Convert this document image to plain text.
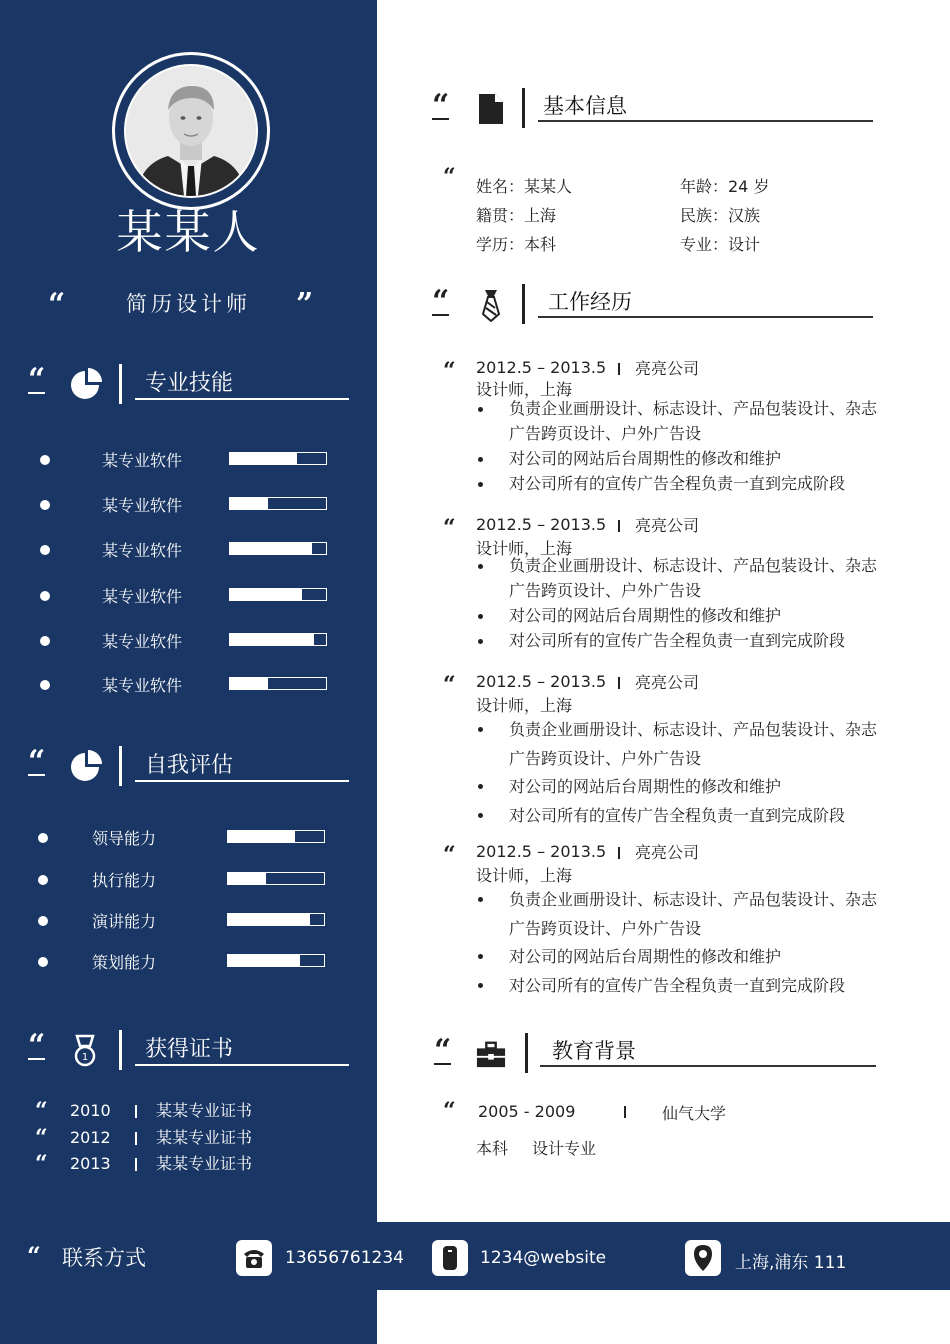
某某人
“	简历设计师	”
“	专业技能
某专业软件
某专业软件
某专业软件
某专业软件
某专业软件
某专业软件
“	自我评估
领导能力
执行能力
演讲能力
策划能力
“	1	获得证书
“ 2010	某某专业证书
“ 2012	某某专业证书
“ 2013	某某专业证书
“	基本信息
“ 姓名：某某人	年龄：24 岁
籍贯：上海	民族：汉族
学历：本科	专业：设计
“	工作经历
“ 2012.5 – 2013.5 亮亮公司
设计师，上海
负责企业画册设计、标志设计、产品包装设计、杂志广告跨页设计、户外广告设
对公司的网站后台周期性的修改和维护
对公司所有的宣传广告全程负责一直到完成阶段
“ 2012.5 – 2013.5 亮亮公司
设计师，上海
负责企业画册设计、标志设计、产品包装设计、杂志广告跨页设计、户外广告设
对公司的网站后台周期性的修改和维护
对公司所有的宣传广告全程负责一直到完成阶段
“ 2012.5 – 2013.5 亮亮公司
设计师，上海
负责企业画册设计、标志设计、产品包装设计、杂志广告跨页设计、户外广告设
对公司的网站后台周期性的修改和维护
对公司所有的宣传广告全程负责一直到完成阶段
“ 2012.5 – 2013.5 亮亮公司
设计师，上海
负责企业画册设计、标志设计、产品包装设计、杂志广告跨页设计、户外广告设
对公司的网站后台周期性的修改和维护
对公司所有的宣传广告全程负责一直到完成阶段
“	教育背景
“ 2005 - 2009	仙气大学
本科 设计专业
“ 联系方式	13656761234	1234@website	上海,浦东 111
